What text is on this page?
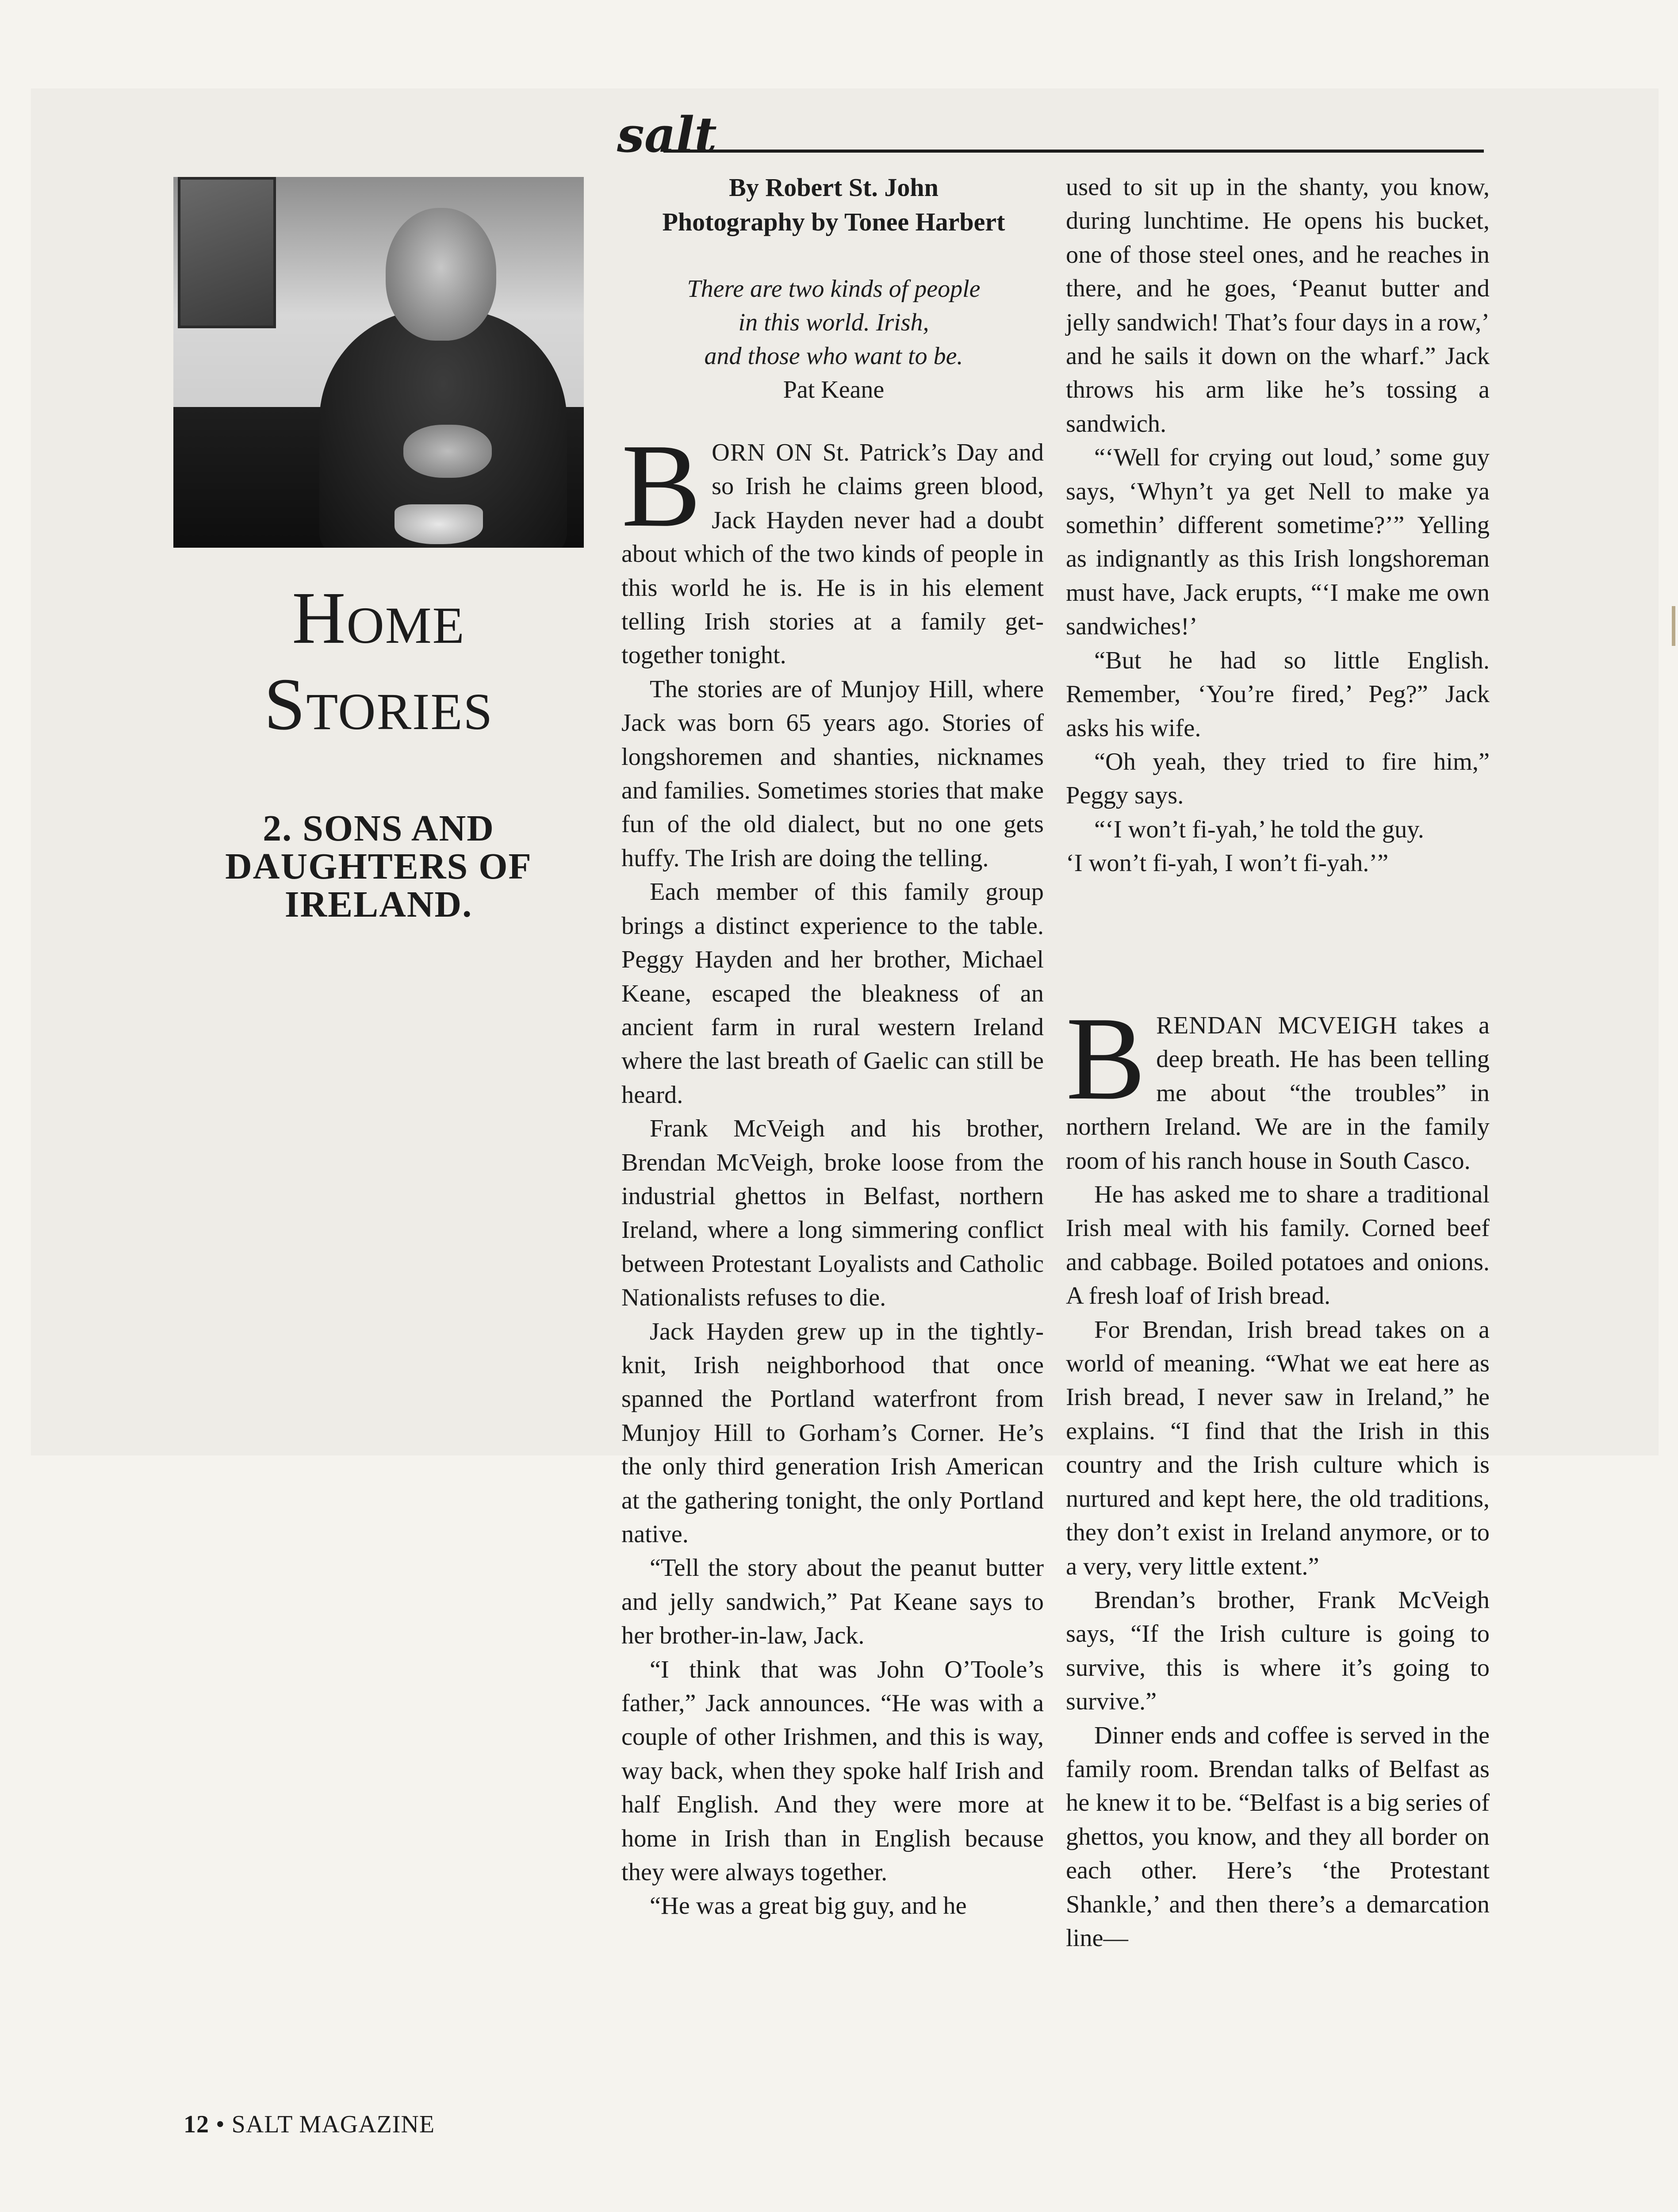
salt
Home
Stories
2. SONS AND
DAUGHTERS OF
IRELAND.
By Robert St. John
Photography by Tonee Harbert
There are two kinds of people
in this world. Irish,
and those who want to be.
Pat Keane

BORN ON St. Patrick’s Day and so Irish he claims green blood, Jack Hayden never had a doubt about which of the two kinds of people in this world he is. He is in his element telling Irish stories at a family get-together tonight.

The stories are of Munjoy Hill, where Jack was born 65 years ago. Stories of longshoremen and shanties, nicknames and families. Sometimes stories that make fun of the old dialect, but no one gets huffy. The Irish are doing the telling.

Each member of this family group brings a distinct experience to the table. Peggy Hayden and her brother, Michael Keane, escaped the bleakness of an ancient farm in rural western Ireland where the last breath of Gaelic can still be heard.

Frank McVeigh and his brother, Brendan McVeigh, broke loose from the industrial ghettos in Belfast, northern Ireland, where a long simmering conflict between Protestant Loyalists and Catholic Nationalists refuses to die.

Jack Hayden grew up in the tightly-knit, Irish neighborhood that once spanned the Portland waterfront from Munjoy Hill to Gorham’s Corner. He’s the only third generation Irish American at the gathering tonight, the only Portland native.

“Tell the story about the peanut butter and jelly sandwich,” Pat Keane says to her brother-in-law, Jack.

“I think that was John O’Toole’s father,” Jack announces. “He was with a couple of other Irishmen, and this is way, way back, when they spoke half Irish and half English. And they were more at home in Irish than in English because they were always together.

“He was a great big guy, and he

used to sit up in the shanty, you know, during lunchtime. He opens his bucket, one of those steel ones, and he reaches in there, and he goes, ‘Peanut butter and jelly sandwich! That’s four days in a row,’ and he sails it down on the wharf.” Jack throws his arm like he’s tossing a sandwich.

“‘Well for crying out loud,’ some guy says, ‘Whyn’t ya get Nell to make ya somethin’ different sometime?’” Yelling as indignantly as this Irish longshoreman must have, Jack erupts, “‘I make me own sandwiches!’

“But he had so little English. Remember, ‘You’re fired,’ Peg?” Jack asks his wife.

“Oh yeah, they tried to fire him,” Peggy says.

“‘I won’t fi-yah,’ he told the guy.

‘I won’t fi-yah, I won’t fi-yah.’”

BRENDAN MCVEIGH takes a deep breath. He has been telling me about “the troubles” in northern Ireland. We are in the family room of his ranch house in South Casco.

He has asked me to share a traditional Irish meal with his family. Corned beef and cabbage. Boiled potatoes and onions. A fresh loaf of Irish bread.

For Brendan, Irish bread takes on a world of meaning. “What we eat here as Irish bread, I never saw in Ireland,” he explains. “I find that the Irish in this country and the Irish culture which is nurtured and kept here, the old traditions, they don’t exist in Ireland anymore, or to a very, very little extent.”

Brendan’s brother, Frank McVeigh says, “If the Irish culture is going to survive, this is where it’s going to survive.”

Dinner ends and coffee is served in the family room. Brendan talks of Belfast as he knew it to be. “Belfast is a big series of ghettos, you know, and they all border on each other. Here’s ‘the Protestant Shankle,’ and then there’s a demarcation line—

12 • SALT MAGAZINE
